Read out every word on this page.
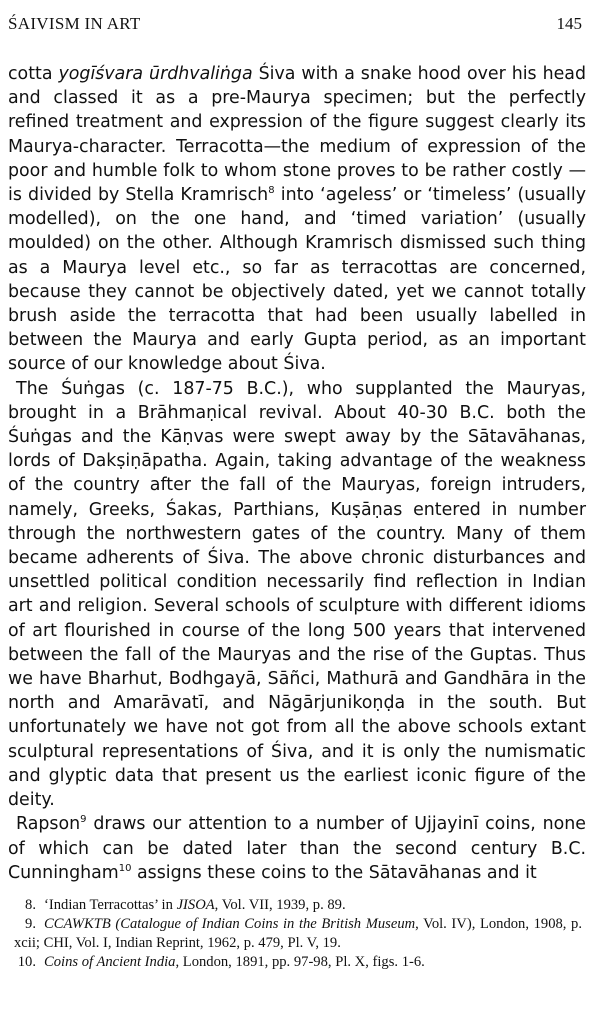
ŚAIVISM IN ART	145

cotta yogīśvara ūrdhvaliṅga Śiva with a snake hood over his head and classed it as a pre-Maurya specimen; but the perfectly refined treatment and expression of the figure suggest clearly its Maurya-character. Terracotta—the medium of expression of the poor and humble folk to whom stone proves to be rather costly —is divided by Stella Kramrisch$^8$ into ‘ageless’ or ‘timeless’ (usually modelled), on the one hand, and ‘timed variation’ (usually moulded) on the other. Although Kramrisch dismissed such thing as a Maurya level etc., so far as terracottas are concerned, because they cannot be objectively dated, yet we cannot totally brush aside the terracotta that had been usually labelled in between the Maurya and early Gupta period, as an important source of our knowledge about Śiva.

The Śuṅgas (c. 187-75 B.C.), who supplanted the Mauryas, brought in a Brāhmaṇical revival. About 40-30 B.C. both the Śuṅgas and the Kāṇvas were swept away by the Sātavāhanas, lords of Dakṣiṇāpatha. Again, taking advantage of the weakness of the country after the fall of the Mauryas, foreign intruders, namely, Greeks, Śakas, Parthians, Kuṣāṇas entered in number through the northwestern gates of the country. Many of them became adherents of Śiva. The above chronic disturbances and unsettled political condition necessarily find reflection in Indian art and religion. Several schools of sculpture with different idioms of art flourished in course of the long 500 years that intervened between the fall of the Mauryas and the rise of the Guptas. Thus we have Bharhut, Bodhgayā, Sāñci, Mathurā and Gandhāra in the north and Amarāvatī, and Nāgārjunikoṇḍa in the south. But unfortunately we have not got from all the above schools extant sculptural representations of Śiva, and it is only the numismatic and glyptic data that present us the earliest iconic figure of the deity.

Rapson$^9$ draws our attention to a number of Ujjayinī coins, none of which can be dated later than the second century B.C. Cunningham$^{10}$ assigns these coins to the Sātavāhanas and it

8. ‘Indian Terracottas’ in JISOA, Vol. VII, 1939, p. 89.

9. CCAWKTB (Catalogue of Indian Coins in the British Museum, Vol. IV), London, 1908, p. xcii; CHI, Vol. I, Indian Reprint, 1962, p. 479, Pl. V, 19.

10. Coins of Ancient India, London, 1891, pp. 97-98, Pl. X, figs. 1-6.
